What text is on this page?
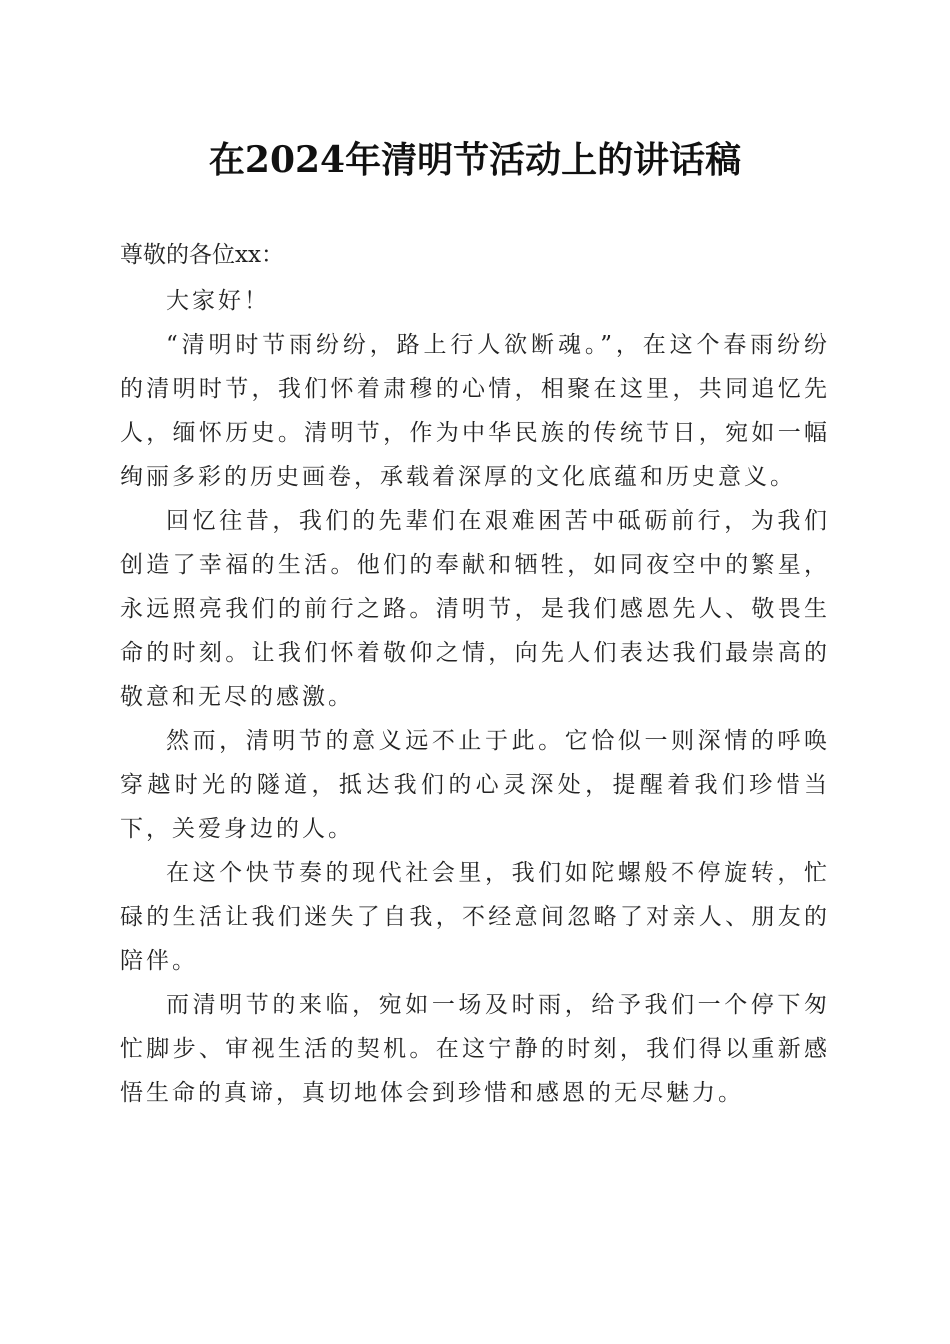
在2024年清明节活动上的讲话稿
尊敬的各位xx：

大家好！

“清明时节雨纷纷，路上行人欲断魂。”，在这个春雨纷纷的清明时节，我们怀着肃穆的心情，相聚在这里，共同追忆先人，缅怀历史。清明节，作为中华民族的传统节日，宛如一幅绚丽多彩的历史画卷，承载着深厚的文化底蕴和历史意义。

回忆往昔，我们的先辈们在艰难困苦中砥砺前行，为我们创造了幸福的生活。他们的奉献和牺牲，如同夜空中的繁星，永远照亮我们的前行之路。清明节，是我们感恩先人、敬畏生命的时刻。让我们怀着敬仰之情，向先人们表达我们最崇高的敬意和无尽的感激。

然而，清明节的意义远不止于此。它恰似一则深情的呼唤穿越时光的隧道，抵达我们的心灵深处，提醒着我们珍惜当下，关爱身边的人。

在这个快节奏的现代社会里，我们如陀螺般不停旋转，忙碌的生活让我们迷失了自我，不经意间忽略了对亲人、朋友的陪伴。

而清明节的来临，宛如一场及时雨，给予我们一个停下匆忙脚步、审视生活的契机。在这宁静的时刻，我们得以重新感悟生命的真谛，真切地体会到珍惜和感恩的无尽魅力。
